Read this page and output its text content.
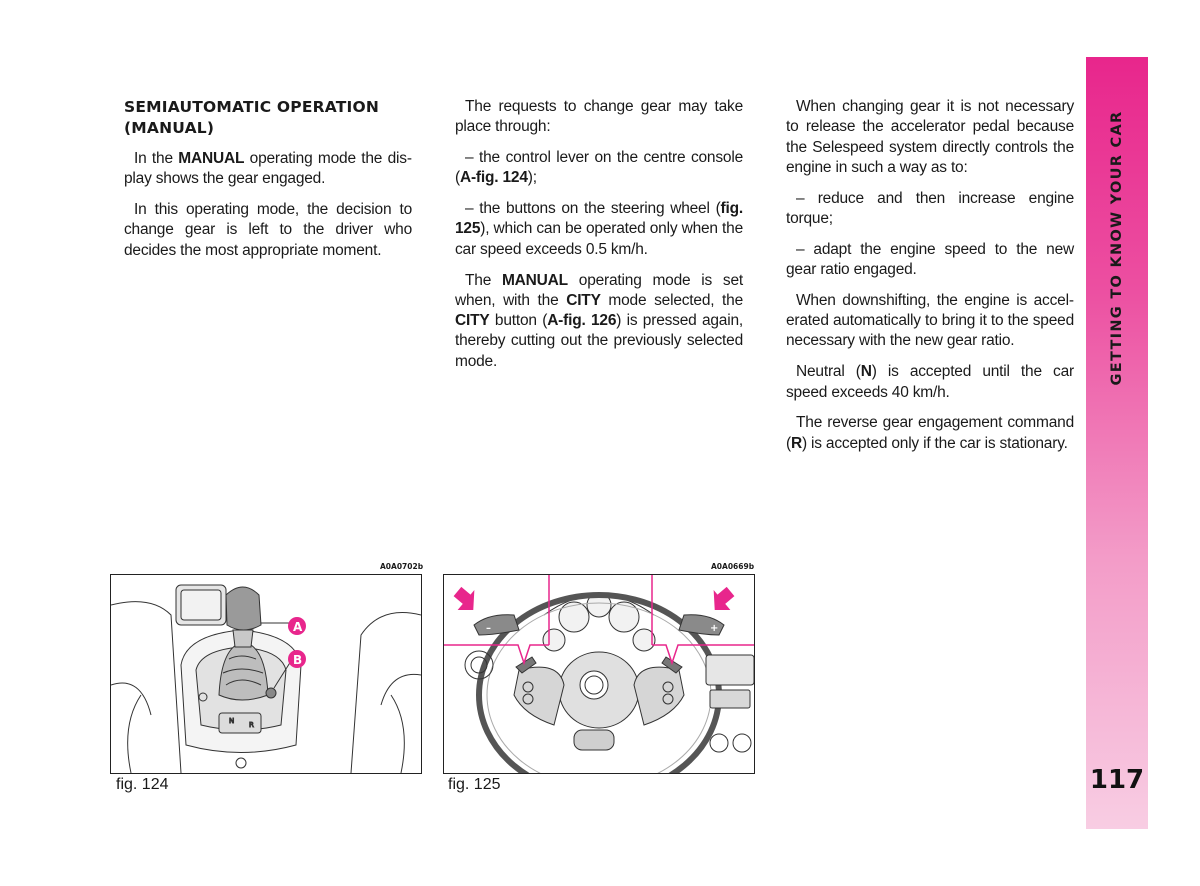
SEMIAUTOMATIC OPERATION
(MANUAL)

In the MANUAL operating mode the display shows the gear engaged.

In this operating mode, the decision to change gear is left to the driver who decides the most appropriate moment.

The requests to change gear may take place through:

– the control lever on the centre console (A-fig. 124);

– the buttons on the steering wheel (fig. 125), which can be operated only when the car speed exceeds 0.5 km/h.

The MANUAL operating mode is set when, with the CITY mode selected, the CITY button (A-fig. 126) is pressed again, thereby cutting out the previously selected mode.

When changing gear it is not necessary to release the accelerator pedal because the Selespeed system directly controls the engine in such a way as to:

– reduce and then increase engine torque;

– adapt the engine speed to the new gear ratio engaged.

When downshifting, the engine is accelerated automatically to bring it to the speed necessary with the new gear ratio.

Neutral (N) is accepted until the car speed exceeds 40 km/h.

The reverse gear engagement command (R) is accepted only if the car is stationary.

GETTING TO KNOW YOUR CAR
117
A0A0702b
N R
A
B
fig. 124
A0A0669b
–	+
fig. 125
